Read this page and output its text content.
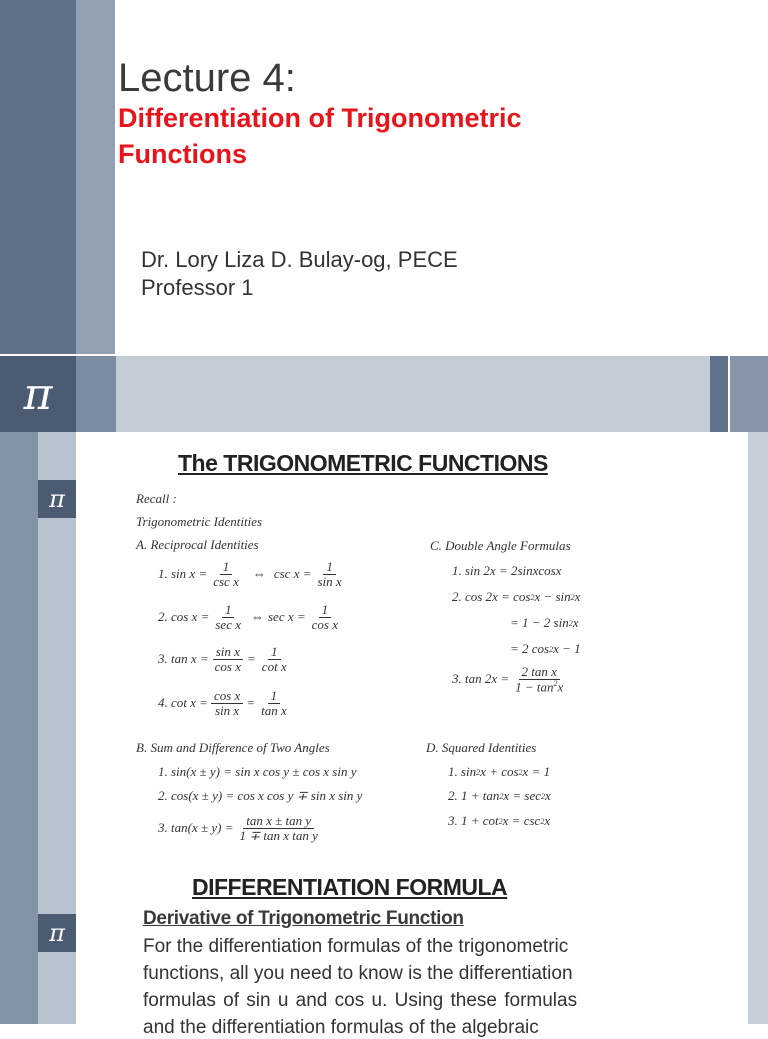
π
Lecture 4:
Differentiation of Trigonometric
Functions
Dr. Lory Liza D. Bulay-og, PECE
Professor 1
π
The TRIGONOMETRIC FUNCTIONS
Recall :
Trigonometric Identities
A. Reciprocal Identities	C. Double Angle Formulas
1. $\sin x = \frac{1}{\text{csc x}}$ ⇔ $\csc x = \frac{1}{\text{sin x}}$
2. $\cos x = \frac{1}{\text{sec x}}$ ⇔ $\sec x = \frac{1}{\text{cos x}}$
3. $\tan x = \frac{\text{sin x}}{\text{cos x}} = \frac{1}{\text{cot x}}$
4. $\cot x = \frac{\text{cos x}}{\text{sin x}} = \frac{1}{\text{tan x}}$
1. sin 2x = 2sinxcosx
2. cos 2x = cos 2 x − sin 2 x
= 1 − 2 sin 2 x
= 2 cos 2 x − 1
3. $\tan 2x = \frac{\text{2 tan x}}{1 - \tan^2x}$
B. Sum and Difference of Two Angles	D. Squared Identities
1. sin(x ± y) = sin x cos y ± cos x sin y
2. cos(x ± y) = cos x cos y ∓ sin x sin y
3. $\tan(x \pm y) = \frac{\text{tan x ± tan y}}{\text{1 ∓ tan x tan y}}$
1. sin 2 x + cos 2 x = 1
2. 1 + tan 2 x = sec 2 x
3. 1 + cot 2 x = csc 2 x
π
DIFFERENTIATION FORMULA
Derivative of Trigonometric Function
For the differentiation formulas of the trigonometric
functions, all you need to know is the differentiation
formulas of sin u and cos u. Using these formulas
and the differentiation formulas of the algebraic
